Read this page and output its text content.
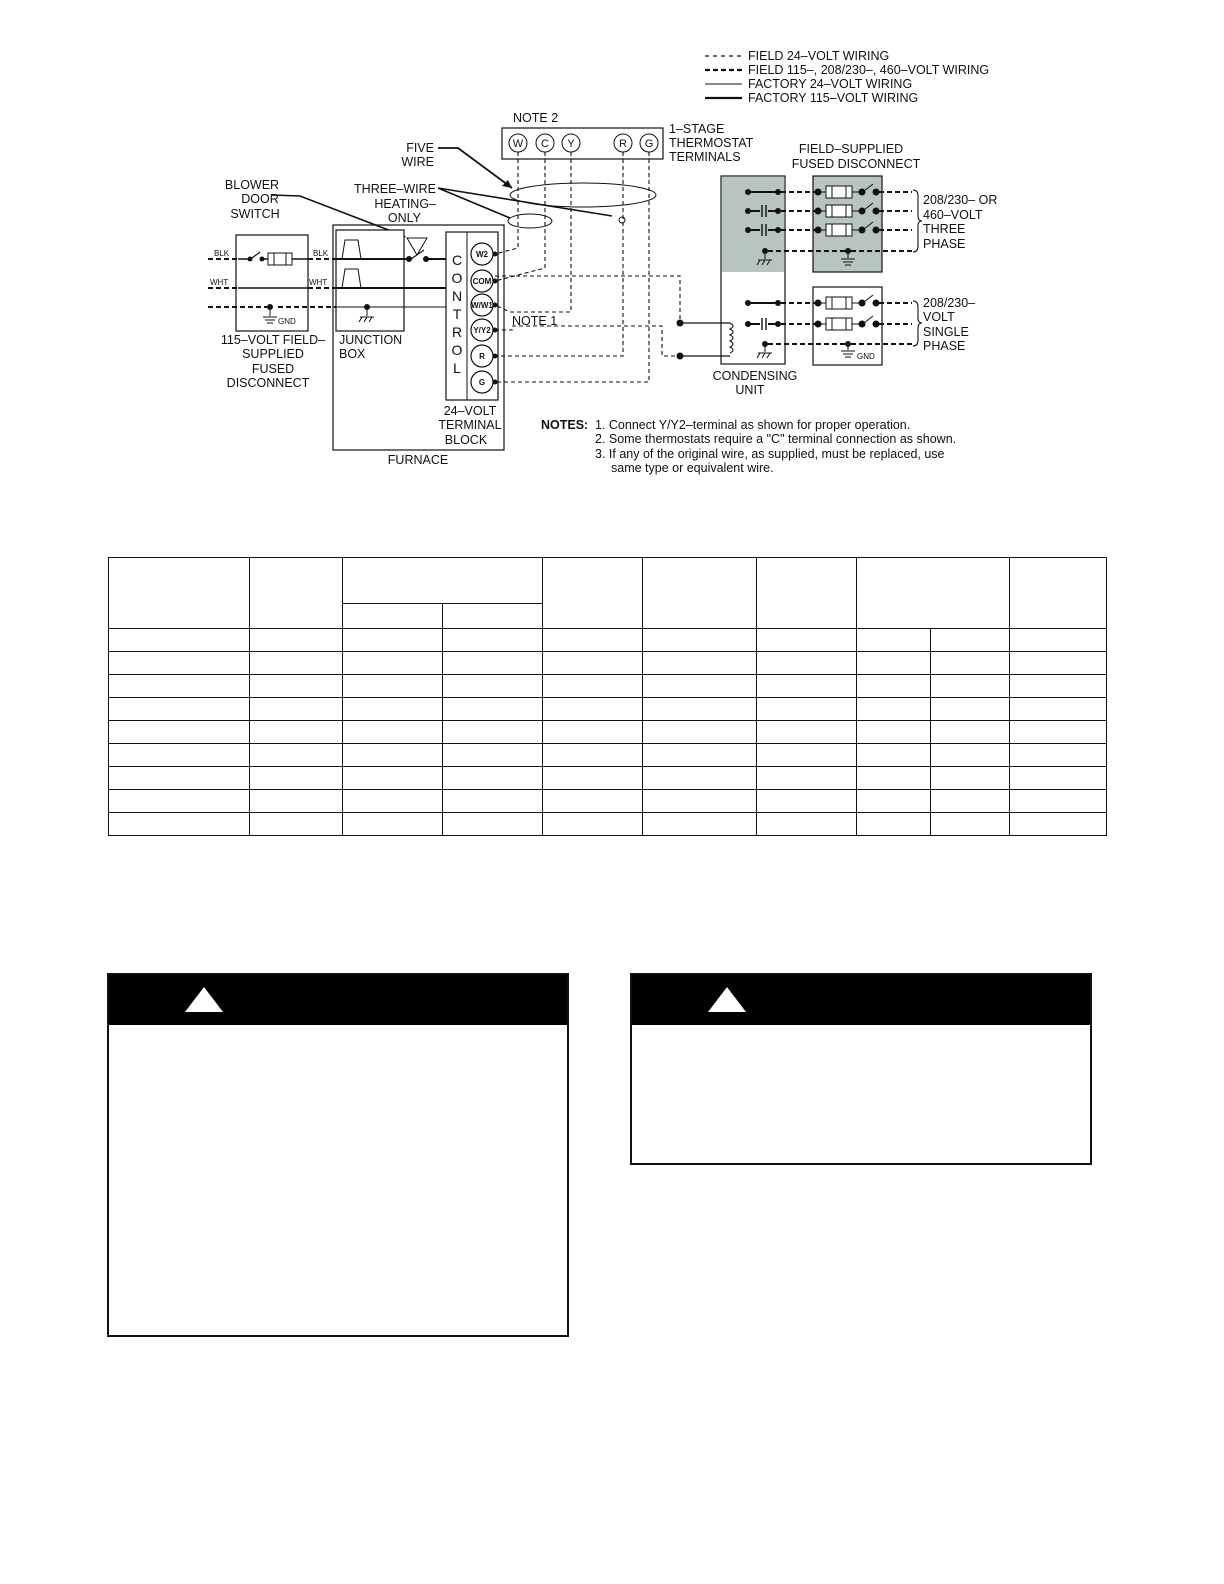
FIELD 24–VOLT WIRING
FIELD 115–, 208/230–, 460–VOLT WIRING
FACTORY 24–VOLT WIRING
FACTORY 115–VOLT WIRING
NOTE 2
W C Y	R G
1–STAGE
THERMOSTAT
TERMINALS
FIVE
WIRE
THREE–WIRE
HEATING–
ONLY
BLOWER
DOOR
SWITCH
NOTE 1
GND
BLK
WHT
BLK
WHT
115–VOLT FIELD–
SUPPLIED
FUSED
DISCONNECT
FURNACE
JUNCTION
BOX
C
O
N
T
R
O
L
W2
COM
W/W1
Y/Y2
R
G
24–VOLT
TERMINAL
BLOCK
CONDENSING
UNIT
FIELD–SUPPLIED
FUSED DISCONNECT
GND
208/230– OR
460–VOLT
THREE
PHASE
208/230–
VOLT
SINGLE
PHASE
NOTES: 1. Connect Y/Y2–terminal as shown for proper operation.
2. Some thermostats require a "C" terminal connection as shown.
3. If any of the original wire, as supplied, must be replaced, use
same type or equivalent wire.
